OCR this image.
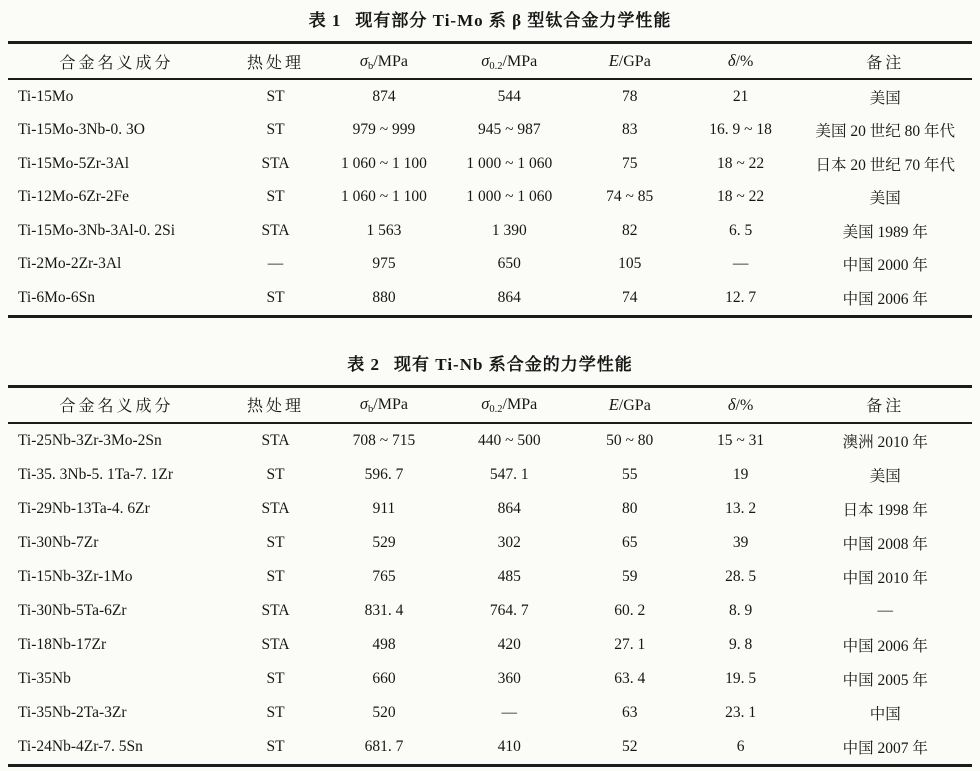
表 1 现有部分 Ti-Mo 系 β 型钛合金力学性能
合金名义成分	热处理	$\sigma_b$/MPa	$\sigma_{0.2}$/MPa	E/GPa	δ/%	备注
Ti-15Mo	ST	874	544	78	21	美国
Ti-15Mo-3Nb-0. 3O	ST	979 ~ 999	945 ~ 987	83	16. 9 ~ 18	美国 20 世纪 80 年代
Ti-15Mo-5Zr-3Al	STA	1 060 ~ 1 100	1 000 ~ 1 060	75	18 ~ 22	日本 20 世纪 70 年代
Ti-12Mo-6Zr-2Fe	ST	1 060 ~ 1 100	1 000 ~ 1 060	74 ~ 85	18 ~ 22	美国
Ti-15Mo-3Nb-3Al-0. 2Si	STA	1 563	1 390	82	6. 5	美国 1989 年
Ti-2Mo-2Zr-3Al	—	975	650	105	—	中国 2000 年
Ti-6Mo-6Sn	ST	880	864	74	12. 7	中国 2006 年
表 2 现有 Ti-Nb 系合金的力学性能
合金名义成分	热处理	$\sigma_b$/MPa	$\sigma_{0.2}$/MPa	E/GPa	δ/%	备注
Ti-25Nb-3Zr-3Mo-2Sn	STA	708 ~ 715	440 ~ 500	50 ~ 80	15 ~ 31	澳洲 2010 年
Ti-35. 3Nb-5. 1Ta-7. 1Zr	ST	596. 7	547. 1	55	19	美国
Ti-29Nb-13Ta-4. 6Zr	STA	911	864	80	13. 2	日本 1998 年
Ti-30Nb-7Zr	ST	529	302	65	39	中国 2008 年
Ti-15Nb-3Zr-1Mo	ST	765	485	59	28. 5	中国 2010 年
Ti-30Nb-5Ta-6Zr	STA	831. 4	764. 7	60. 2	8. 9	—
Ti-18Nb-17Zr	STA	498	420	27. 1	9. 8	中国 2006 年
Ti-35Nb	ST	660	360	63. 4	19. 5	中国 2005 年
Ti-35Nb-2Ta-3Zr	ST	520	—	63	23. 1	中国
Ti-24Nb-4Zr-7. 5Sn	ST	681. 7	410	52	6	中国 2007 年
